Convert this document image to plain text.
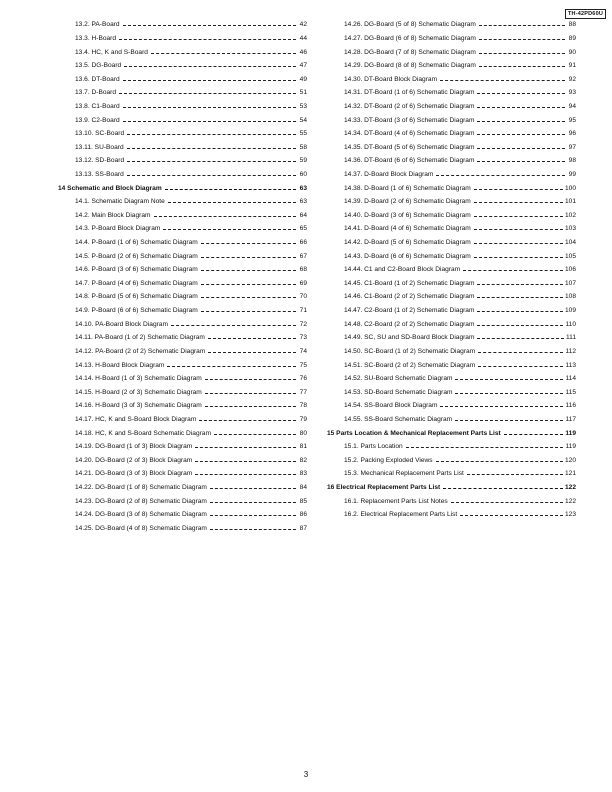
TH-42PD60U
13.2. PA-Board	42
13.3. H-Board	44
13.4. HC, K and S-Board	46
13.5. DG-Board	47
13.6. DT-Board	49
13.7. D-Board	51
13.8. C1-Board	53
13.9. C2-Board	54
13.10. SC-Board	55
13.11. SU-Board	58
13.12. SD-Board	59
13.13. SS-Board	60
14 Schematic and Block Diagram	63
14.1. Schematic Diagram Note	63
14.2. Main Block Diagram	64
14.3. P-Board Block Diagram	65
14.4. P-Board (1 of 6) Schematic Diagram	66
14.5. P-Board (2 of 6) Schematic Diagram	67
14.6. P-Board (3 of 6) Schematic Diagram	68
14.7. P-Board (4 of 6) Schematic Diagram	69
14.8. P-Board (5 of 6) Schematic Diagram	70
14.9. P-Board (6 of 6) Schematic Diagram	71
14.10. PA-Board Block Diagram	72
14.11. PA-Board (1 of 2) Schematic Diagram	73
14.12. PA-Board (2 of 2) Schematic Diagram	74
14.13. H-Board Block Diagram	75
14.14. H-Board (1 of 3) Schematic Diagram	76
14.15. H-Board (2 of 3) Schematic Diagram	77
14.16. H-Board (3 of 3) Schematic Diagram	78
14.17. HC, K and S-Board Block Diagram	79
14.18. HC, K and S-Board Schematic Diagram	80
14.19. DG-Board (1 of 3) Block Diagram	81
14.20. DG-Board (2 of 3) Block Diagram	82
14.21. DG-Board (3 of 3) Block Diagram	83
14.22. DG-Board (1 of 8) Schematic Diagram	84
14.23. DG-Board (2 of 8) Schematic Diagram	85
14.24. DG-Board (3 of 8) Schematic Diagram	86
14.25. DG-Board (4 of 8) Schematic Diagram	87
14.26. DG-Board (5 of 8) Schematic Diagram	88
14.27. DG-Board (6 of 8) Schematic Diagram	89
14.28. DG-Board (7 of 8) Schematic Diagram	90
14.29. DG-Board (8 of 8) Schematic Diagram	91
14.30. DT-Board Block Diagram	92
14.31. DT-Board (1 of 6) Schematic Diagram	93
14.32. DT-Board (2 of 6) Schematic Diagram	94
14.33. DT-Board (3 of 6) Schematic Diagram	95
14.34. DT-Board (4 of 6) Schematic Diagram	96
14.35. DT-Board (5 of 6) Schematic Diagram	97
14.36. DT-Board (6 of 6) Schematic Diagram	98
14.37. D-Board Block Diagram	99
14.38. D-Board (1 of 6) Schematic Diagram	100
14.39. D-Board (2 of 6) Schematic Diagram	101
14.40. D-Board (3 of 6) Schematic Diagram	102
14.41. D-Board (4 of 6) Schematic Diagram	103
14.42. D-Board (5 of 6) Schematic Diagram	104
14.43. D-Board (6 of 6) Schematic Diagram	105
14.44. C1 and C2-Board Block Diagram	106
14.45. C1-Board (1 of 2) Schematic Diagram	107
14.46. C1-Board (2 of 2) Schematic Diagram	108
14.47. C2-Board (1 of 2) Schematic Diagram	109
14.48. C2-Board (2 of 2) Schematic Diagram	110
14.49. SC, SU and SD-Board Block Diagram	111
14.50. SC-Board (1 of 2) Schematic Diagram	112
14.51. SC-Board (2 of 2) Schematic Diagram	113
14.52. SU-Board Schematic Diagram	114
14.53. SD-Board Schematic Diagram	115
14.54. SS-Board Block Diagram	116
14.55. SS-Board Schematic Diagram	117
15 Parts Location & Mechanical Replacement Parts List	119
15.1. Parts Location	119
15.2. Packing Exploded Views	120
15.3. Mechanical Replacement Parts List	121
16 Electrical Replacement Parts List	122
16.1. Replacement Parts List Notes	122
16.2. Electrical Replacement Parts List	123
3
